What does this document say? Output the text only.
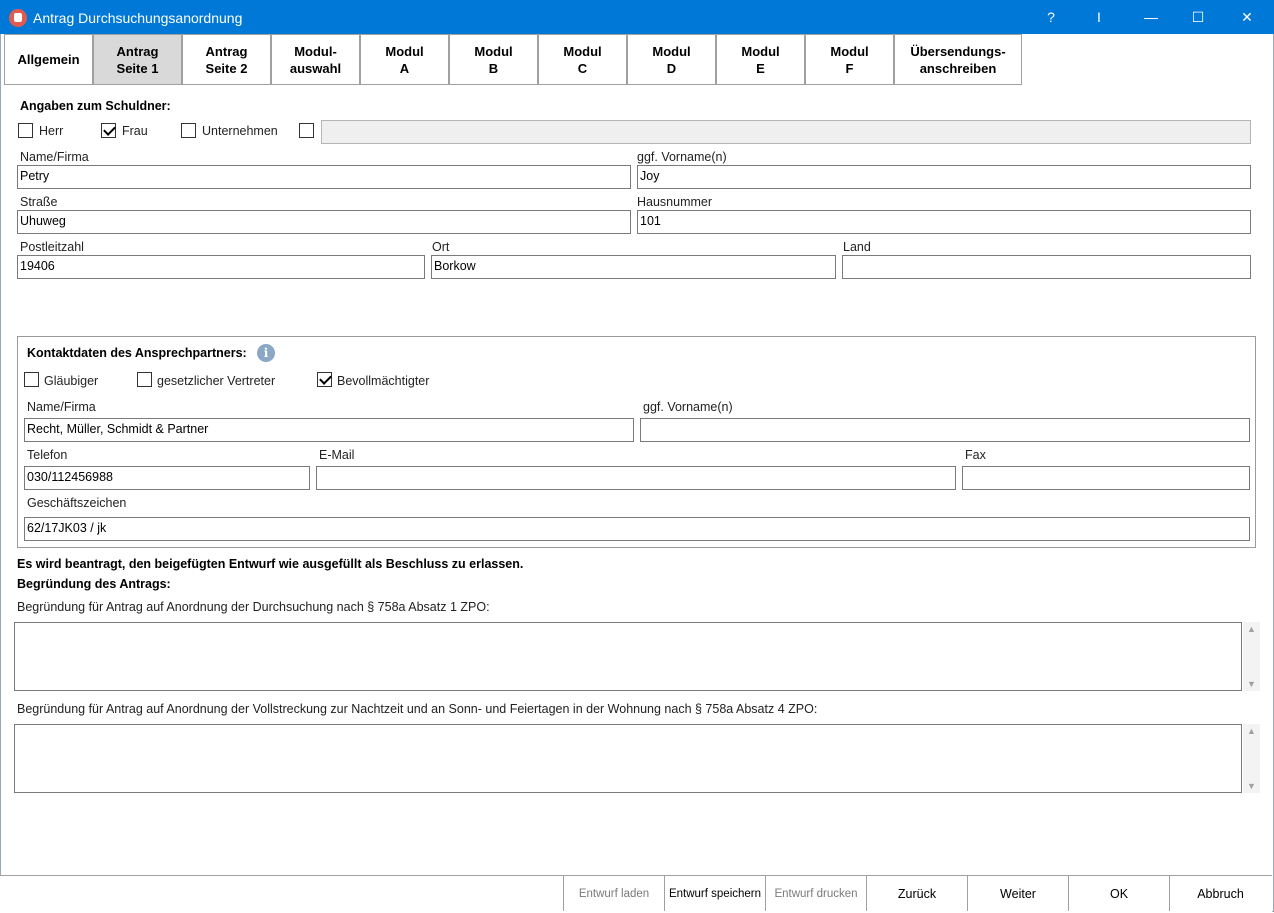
Antrag Durchsuchungsanordnung	?	I	—	☐	✕
Allgemein
Antrag
Seite 1
Antrag
Seite 2
Modul-
auswahl
Modul
A
Modul
B
Modul
C
Modul
D
Modul
E
Modul
F
Übersendungs-
anschreiben
Angaben zum Schuldner:
Herr	Frau	Unternehmen
Name/Firma
Petry
ggf. Vorname(n)
Joy
Straße
Uhuweg
Hausnummer
101
Postleitzahl
19406
Ort
Borkow
Land
Kontaktdaten des Ansprechpartners:	i
Gläubiger	gesetzlicher Vertreter	Bevollmächtigter
Name/Firma
Recht, Müller, Schmidt & Partner
ggf. Vorname(n)
Telefon
030/112456988
E-Mail	Fax
Geschäftszeichen
62/17JK03 / jk
Es wird beantragt, den beigefügten Entwurf wie ausgefüllt als Beschluss zu erlassen.
Begründung des Antrags:
Begründung für Antrag auf Anordnung der Durchsuchung nach § 758a Absatz 1 ZPO:
▲
▼
Begründung für Antrag auf Anordnung der Vollstreckung zur Nachtzeit und an Sonn- und Feiertagen in der Wohnung nach § 758a Absatz 4 ZPO:
▲
▼
Entwurf laden	Entwurf speichern	Entwurf drucken	Zurück	Weiter	OK	Abbruch
